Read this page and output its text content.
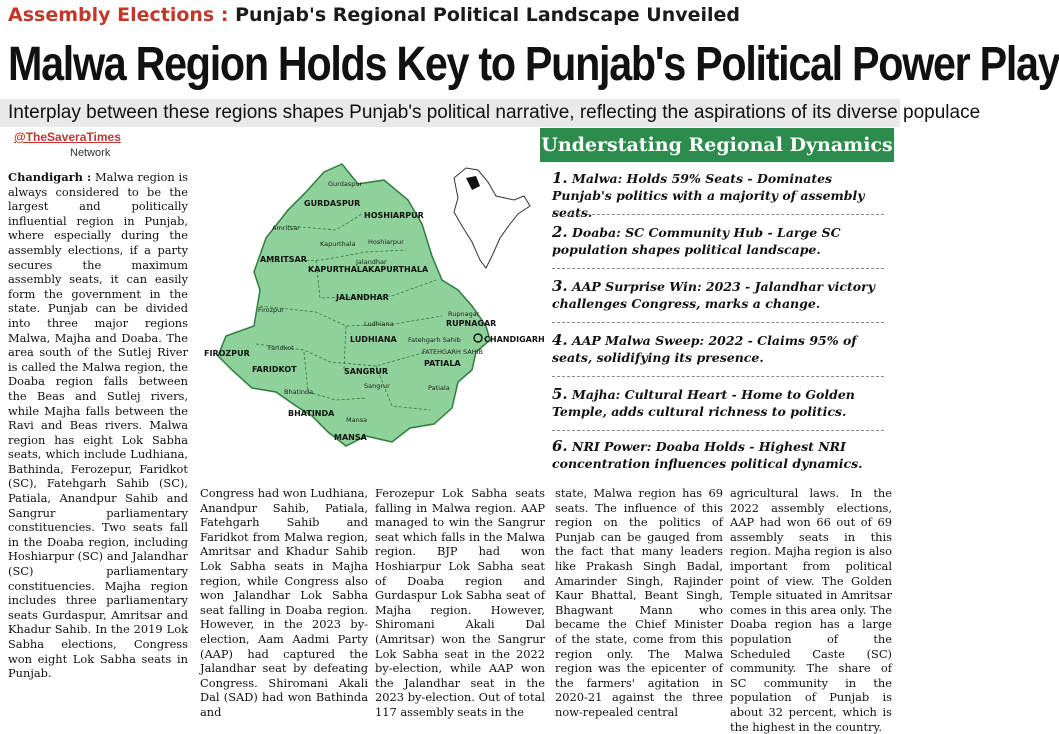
Assembly Elections : Punjab's Regional Political Landscape Unveiled
Malwa Region Holds Key to Punjab's Political Power Play
Interplay between these regions shapes Punjab's political narrative, reflecting the aspirations of its diverse populace
@TheSaveraTimes
Network
Chandigarh : Malwa region is always considered to be the largest and politically influential region in Punjab, where especially during the assembly elections, if a party secures the maximum assembly seats, it can easily form the government in the state. Punjab can be divided into three major regions Malwa, Majha and Doaba. The area south of the Sutlej River is called the Malwa region, the Doaba region falls between the Beas and Sutlej rivers, while Majha falls between the Ravi and Beas rivers. Malwa region has eight Lok Sabha seats, which include Ludhiana, Bathinda, Ferozepur, Faridkot (SC), Fatehgarh Sahib (SC), Patiala, Anandpur Sahib and Sangrur parliamentary constituencies. Two seats fall in the Doaba region, including Hoshiarpur (SC) and Jalandhar (SC) parliamentary constituencies. Majha region includes three parliamentary seats Gurdaspur, Amritsar and Khadur Sahib. In the 2019 Lok Sabha elections, Congress won eight Lok Sabha seats in Punjab.
Congress had won Ludhiana, Anandpur Sahib, Patiala, Fatehgarh Sahib and Faridkot from Malwa region, Amritsar and Khadur Sahib Lok Sabha seats in Majha region, while Congress also won Jalandhar Lok Sabha seat falling in Doaba region. However, in the 2023 by-election, Aam Aadmi Party (AAP) had captured the Jalandhar seat by defeating Congress. Shiromani Akali Dal (SAD) had won Bathinda and
Ferozepur Lok Sabha seats falling in Malwa region. AAP managed to win the Sangrur seat which falls in the Malwa region. BJP had won Hoshiarpur Lok Sabha seat of Doaba region and Gurdaspur Lok Sabha seat of Majha region. However, Shiromani Akali Dal (Amritsar) won the Sangrur Lok Sabha seat in the 2022 by-election, while AAP won the Jalandhar seat in the 2023 by-election. Out of total 117 assembly seats in the
state, Malwa region has 69 seats. The influence of this region on the politics of Punjab can be gauged from the fact that many leaders like Prakash Singh Badal, Amarinder Singh, Rajinder Kaur Bhattal, Beant Singh, Bhagwant Mann who became the Chief Minister of the state, come from this region only. The Malwa region was the epicenter of the farmers' agitation in 2020-21 against the three now-repealed central
agricultural laws. In the 2022 assembly elections, AAP had won 66 out of 69 assembly seats in this region. Majha region is also important from political point of view. The Golden Temple situated in Amritsar comes in this area only. The Doaba region has a large population of the Scheduled Caste (SC) community. The share of SC community in the population of Punjab is about 32 percent, which is the highest in the country.
GURDASPUR
HOSHIARPUR
AMRITSAR
KAPURTHALA KAPURTHALA
JALANDHAR
RUPNAGAR
LUDHIANA	CHANDIGARH
FIROZPUR
FARIDKOT	SANGRUR
PATIALA
BHATINDA
MANSA
Gurdaspur
Amritsar
Hoshiarpur
Kapurthala
Jalandhar
Firozpur
Ludhiana
Rupnagar
Fatehgarh Sahib
FATEHGARH SAHIB
Faridkot
Sangrur	Patiala
Bhatinda
Mansa
Understating Regional Dynamics
1. Malwa: Holds 59% Seats - Dominates Punjab's politics with a majority of assembly seats.
2. Doaba: SC Community Hub - Large SC population shapes political landscape.
3. AAP Surprise Win: 2023 - Jalandhar victory challenges Congress, marks a change.
4. AAP Malwa Sweep: 2022 - Claims 95% of seats, solidifying its presence.
5. Majha: Cultural Heart - Home to Golden Temple, adds cultural richness to politics.
6. NRI Power: Doaba Holds - Highest NRI concentration influences political dynamics.
